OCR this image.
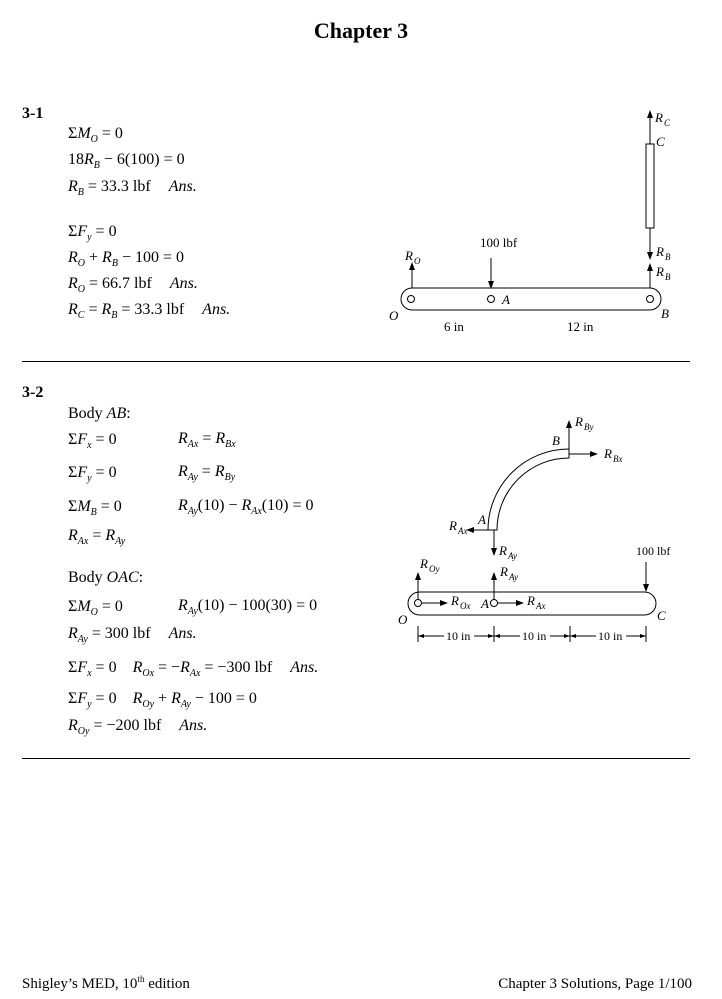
Chapter 3
3-1
$\Sigma M_O = 0$
$18R_B - 6(100) = 0$
$R_B = 33.3$ lbf Ans.
$\Sigma F_y = 0$
$R_O + R_B - 100 = 0$
$R_O = 66.7$ lbf Ans.
$R_C = R_B = 33.3$ lbf Ans.
R C
C
R B
R B
R O
100 lbf
A
O	B
6 in	12 in
3-2
Body AB:
$\Sigma F_x = 0$	$R_{Ax} = R_{Bx}$
$\Sigma F_y = 0$	$R_{Ay} = R_{By}$
$\Sigma M_B = 0$	$R_{Ay}(10) - R_{Ax}(10) = 0$
$R_{Ax} = R_{Ay}$
Body OAC:
$\Sigma M_O = 0$	$R_{Ay}(10) - 100(30) = 0$
$R_{Ay} = 300$ lbf Ans.
$\Sigma F_x = 0$    $R_{Ox} = -R_{Ax} = -300$ lbf Ans.
$\Sigma F_y = 0$    $R_{Oy} + R_{Ay} - 100 = 0$
$R_{Oy} = -200$ lbf Ans.
B
R By
R Bx
A
R Ax
R Ay
R Oy
R Ox
R Ay
A	R Ax
100 lbf
O	C
10 in	10 in	10 in
Shigley’s MED, 10th edition	Chapter 3 Solutions, Page 1/100
